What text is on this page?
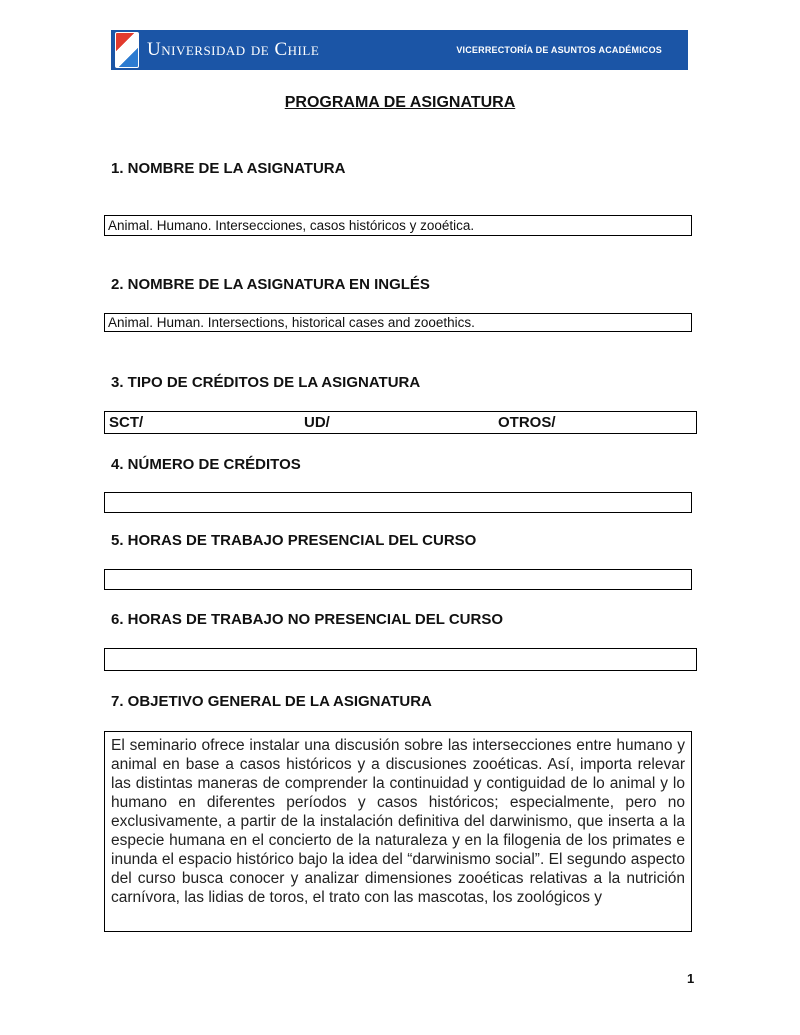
Universidad de Chile	VICERRECTORÍA DE ASUNTOS ACADÉMICOS
PROGRAMA DE ASIGNATURA
1. NOMBRE DE LA ASIGNATURA
Animal. Humano. Intersecciones, casos históricos y zooética.
2. NOMBRE DE LA ASIGNATURA EN INGLÉS
Animal. Human. Intersections, historical cases and zooethics.
3. TIPO DE CRÉDITOS DE LA ASIGNATURA
SCT/	UD/	OTROS/
4. NÚMERO DE CRÉDITOS
5. HORAS DE TRABAJO PRESENCIAL DEL CURSO
6. HORAS DE TRABAJO NO PRESENCIAL DEL CURSO
7. OBJETIVO GENERAL DE LA ASIGNATURA
El seminario ofrece instalar una discusión sobre las intersecciones entre humano y animal en base a casos históricos y a discusiones zooéticas. Así, importa relevar las distintas maneras de comprender la continuidad y contiguidad de lo animal y lo humano en diferentes períodos y casos históricos; especialmente, pero no exclusivamente, a partir de la instalación definitiva del darwinismo, que inserta a la especie humana en el concierto de la naturaleza y en la filogenia de los primates e inunda el espacio histórico bajo la idea del “darwinismo social”. El segundo aspecto del curso busca conocer y analizar dimensiones zooéticas relativas a la nutrición carnívora, las lidias de toros, el trato con las mascotas, los zoológicos y
1
